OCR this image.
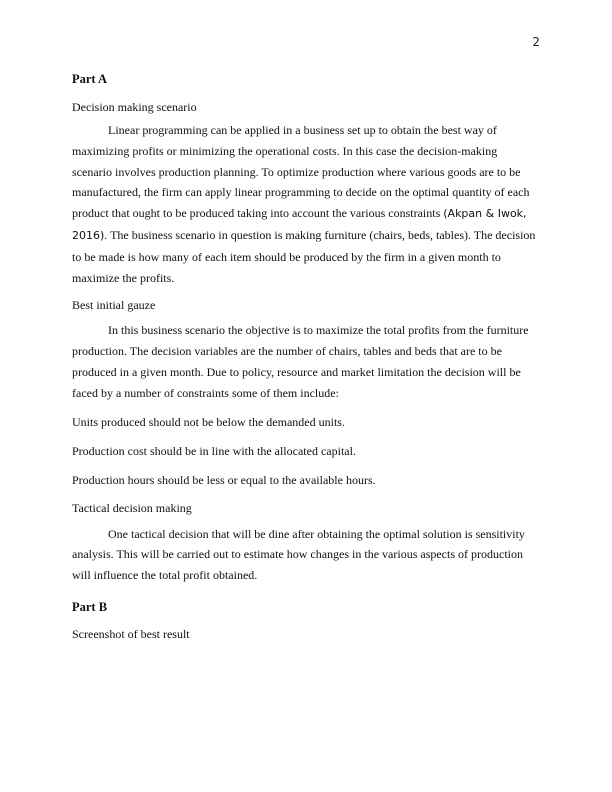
2

Part A

Decision making scenario

Linear programming can be applied in a business set up to obtain the best way of maximizing profits or minimizing the operational costs. In this case the decision-making scenario involves production planning. To optimize production where various goods are to be manufactured, the firm can apply linear programming to decide on the optimal quantity of each product that ought to be produced taking into account the various constraints (Akpan & Iwok, 2016). The business scenario in question is making furniture (chairs, beds, tables). The decision to be made is how many of each item should be produced by the firm in a given month to maximize the profits.

Best initial gauze

In this business scenario the objective is to maximize the total profits from the furniture production. The decision variables are the number of chairs, tables and beds that are to be produced in a given month. Due to policy, resource and market limitation the decision will be faced by a number of constraints some of them include:

Units produced should not be below the demanded units.

Production cost should be in line with the allocated capital.

Production hours should be less or equal to the available hours.

Tactical decision making

One tactical decision that will be dine after obtaining the optimal solution is sensitivity analysis. This will be carried out to estimate how changes in the various aspects of production will influence the total profit obtained.

Part B

Screenshot of best result
